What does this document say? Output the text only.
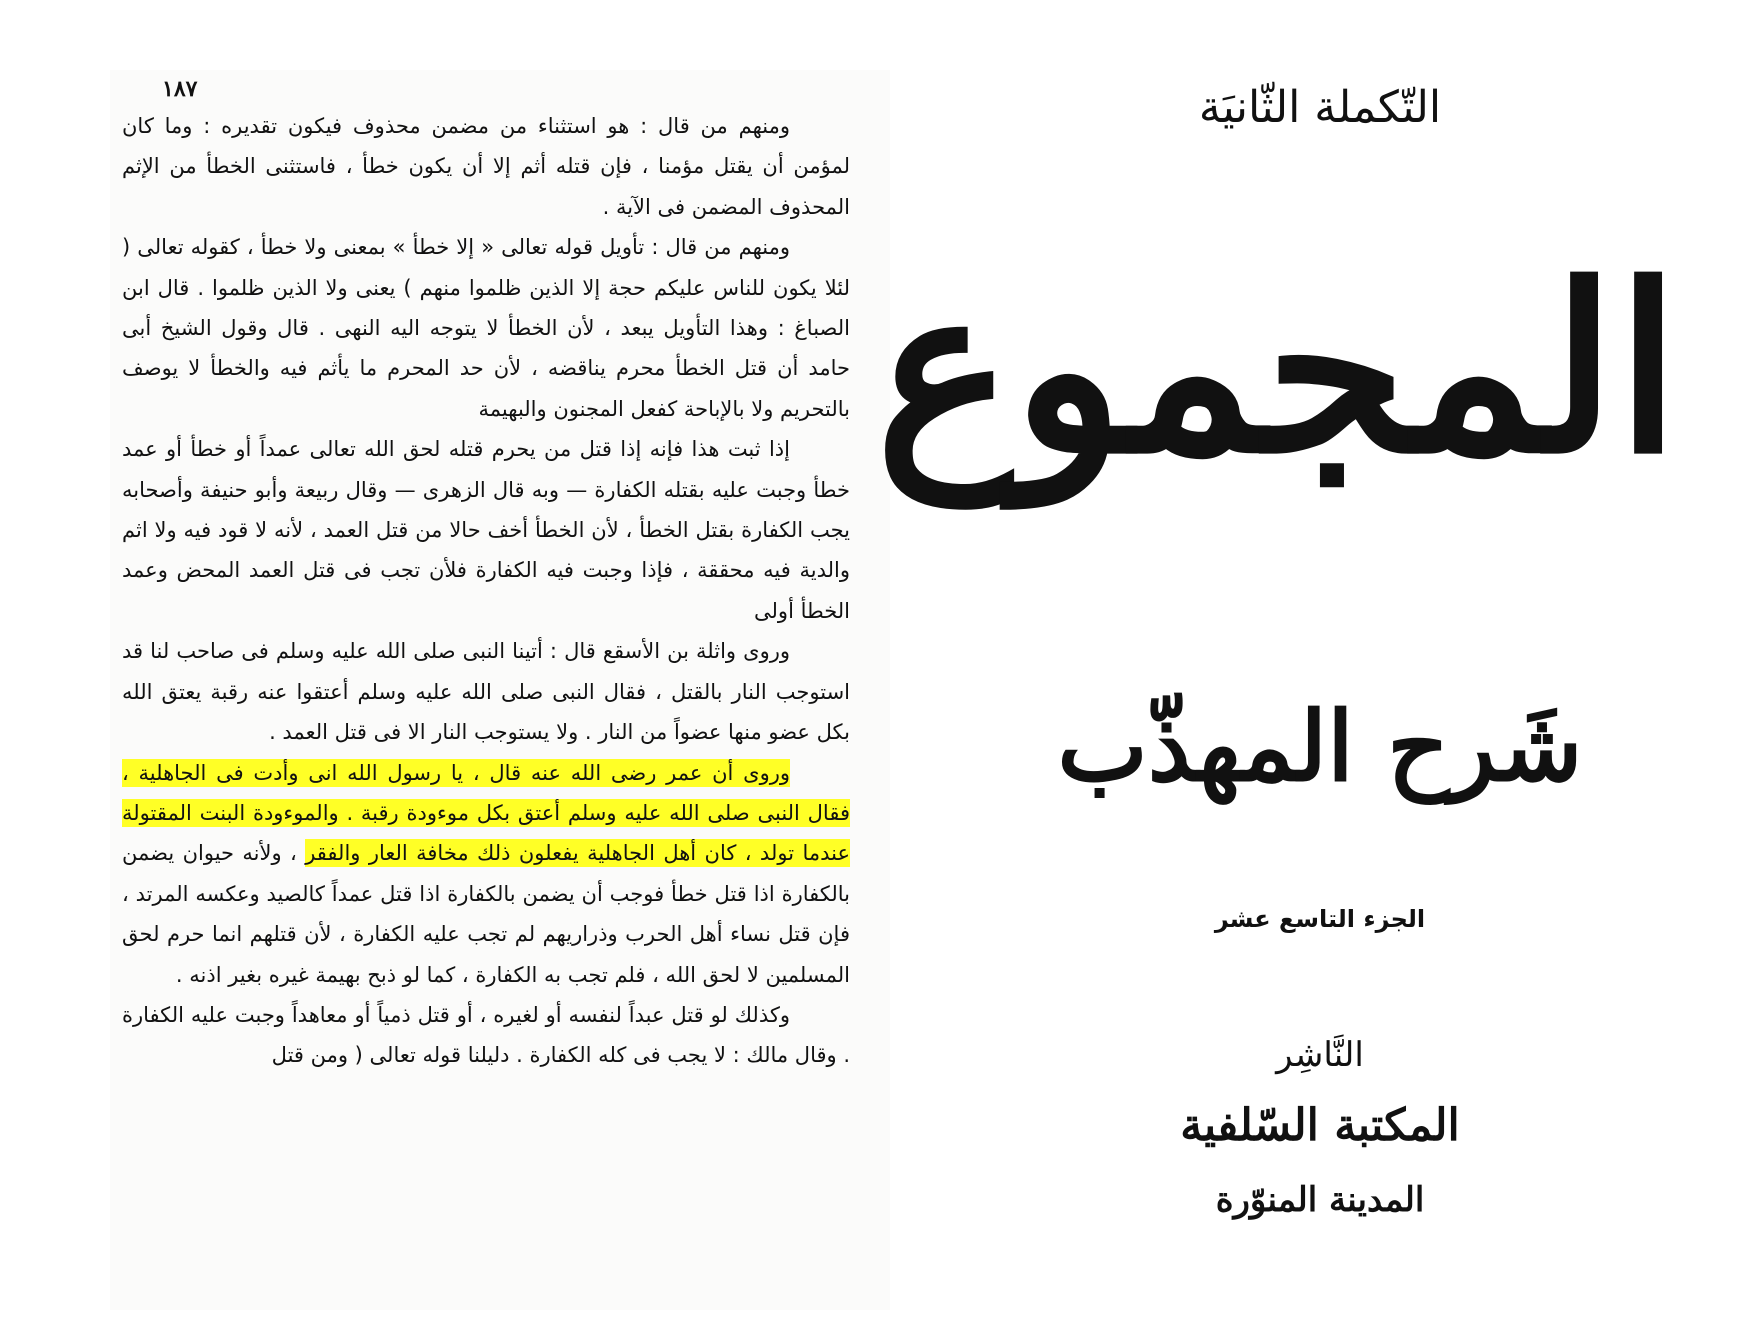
١٨٧

ومنهم من قال : هو استثناء من مضمن محذوف فيكون تقديره : وما كان لمؤمن أن يقتل مؤمنا ، فإن قتله أثم إلا أن يكون خطأ ، فاستثنى الخطأ من الإثم المحذوف المضمن فى الآية .

ومنهم من قال : تأويل قوله تعالى « إلا خطأ » بمعنى ولا خطأ ، كقوله تعالى ( لئلا يكون للناس عليكم حجة إلا الذين ظلموا منهم ) يعنى ولا الذين ظلموا . قال ابن الصباغ : وهذا التأويل يبعد ، لأن الخطأ لا يتوجه اليه النهى . قال وقول الشيخ أبى حامد أن قتل الخطأ محرم يناقضه ، لأن حد المحرم ما يأثم فيه والخطأ لا يوصف بالتحريم ولا بالإباحة كفعل المجنون والبهيمة

إذا ثبت هذا فإنه إذا قتل من يحرم قتله لحق الله تعالى عمداً أو خطأ أو عمد خطأ وجبت عليه بقتله الكفارة — وبه قال الزهرى — وقال ربيعة وأبو حنيفة وأصحابه يجب الكفارة بقتل الخطأ ، لأن الخطأ أخف حالا من قتل العمد ، لأنه لا قود فيه ولا اثم والدية فيه محققة ، فإذا وجبت فيه الكفارة فلأن تجب فى قتل العمد المحض وعمد الخطأ أولى

وروى واثلة بن الأسقع قال : أتينا النبى صلى الله عليه وسلم فى صاحب لنا قد استوجب النار بالقتل ، فقال النبى صلى الله عليه وسلم أعتقوا عنه رقبة يعتق الله بكل عضو منها عضواً من النار . ولا يستوجب النار الا فى قتل العمد .

وروى أن عمر رضى الله عنه قال ، يا رسول الله انى وأدت فى الجاهلية ، فقال النبى صلى الله عليه وسلم أعتق بكل موءودة رقبة . والموءودة البنت المقتولة عندما تولد ، كان أهل الجاهلية يفعلون ذلك مخافة العار والفقر ، ولأنه حيوان يضمن بالكفارة اذا قتل خطأ فوجب أن يضمن بالكفارة اذا قتل عمداً كالصيد وعكسه المرتد ، فإن قتل نساء أهل الحرب وذراريهم لم تجب عليه الكفارة ، لأن قتلهم انما حرم لحق المسلمين لا لحق الله ، فلم تجب به الكفارة ، كما لو ذبح بهيمة غيره بغير اذنه .

وكذلك لو قتل عبداً لنفسه أو لغيره ، أو قتل ذمياً أو معاهداً وجبت عليه الكفارة . وقال مالك : لا يجب فى كله الكفارة . دليلنا قوله تعالى ( ومن قتل

التّكملة الثّانيَة
المجموع
شَرح المهذّب
الجزء التاسع عشر
النَّاشِر
المكتبة السّلفية
المدينة المنوّرة
